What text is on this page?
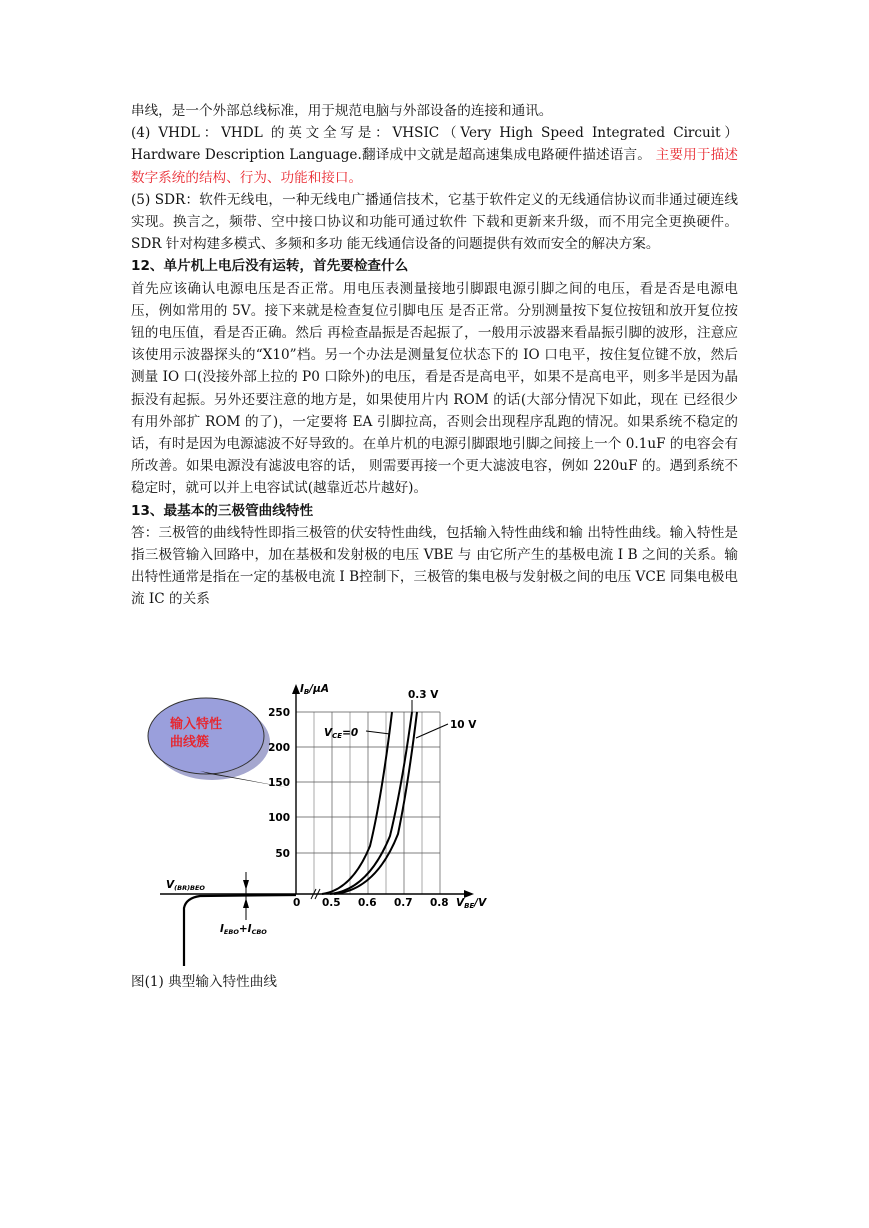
串线，是一个外部总线标准，用于规范电脑与外部设备的连接和通讯。

(4) VHDL：VHDL 的英文全写是：VHSIC（Very High Speed Integrated Circuit） Hardware Description Language.翻译成中文就是超高速集成电路硬件描述语言。 主要用于描述数字系统的结构、行为、功能和接口。

(5) SDR：软件无线电，一种无线电广播通信技术，它基于软件定义的无线通信协议而非通过硬连线实现。换言之，频带、空中接口协议和功能可通过软件 下载和更新来升级，而不用完全更换硬件。SDR 针对构建多模式、多频和多功 能无线通信设备的问题提供有效而安全的解决方案。

12、单片机上电后没有运转，首先要检查什么

首先应该确认电源电压是否正常。用电压表测量接地引脚跟电源引脚之间的电压，看是否是电源电压，例如常用的 5V。接下来就是检查复位引脚电压 是否正常。分别测量按下复位按钮和放开复位按钮的电压值，看是否正确。然后 再检查晶振是否起振了，一般用示波器来看晶振引脚的波形，注意应该使用示波器探头的“X10”档。另一个办法是测量复位状态下的 IO 口电平，按住复位键不放，然后测量 IO 口(没接外部上拉的 P0 口除外)的电压，看是否是高电平，如果不是高电平，则多半是因为晶振没有起振。另外还要注意的地方是，如果使用片内 ROM 的话(大部分情况下如此，现在 已经很少有用外部扩 ROM 的了)，一定要将 EA 引脚拉高，否则会出现程序乱跑的情况。如果系统不稳定的话，有时是因为电源滤波不好导致的。在单片机的电源引脚跟地引脚之间接上一个 0.1uF 的电容会有所改善。如果电源没有滤波电容的话， 则需要再接一个更大滤波电容，例如 220uF 的。遇到系统不稳定时，就可以并上电容试试(越靠近芯片越好)。

13、最基本的三极管曲线特性

答：三极管的曲线特性即指三极管的伏安特性曲线，包括输入特性曲线和输 出特性曲线。输入特性是指三极管输入回路中，加在基极和发射极的电压 VBE 与 由它所产生的基极电流 I B 之间的关系。输出特性通常是指在一定的基极电流 I B控制下，三极管的集电极与发射极之间的电压 VCE 同集电极电流 IC 的关系

输入特性
曲线簇
IB/μA
250
200
150
100
50
0 0.5 0.6 0.7 0.8 VBE/V
VCE=0
0.3 V
10 V
V(BR)BEO
IEBO+ICBO
图(1) 典型输入特性曲线
